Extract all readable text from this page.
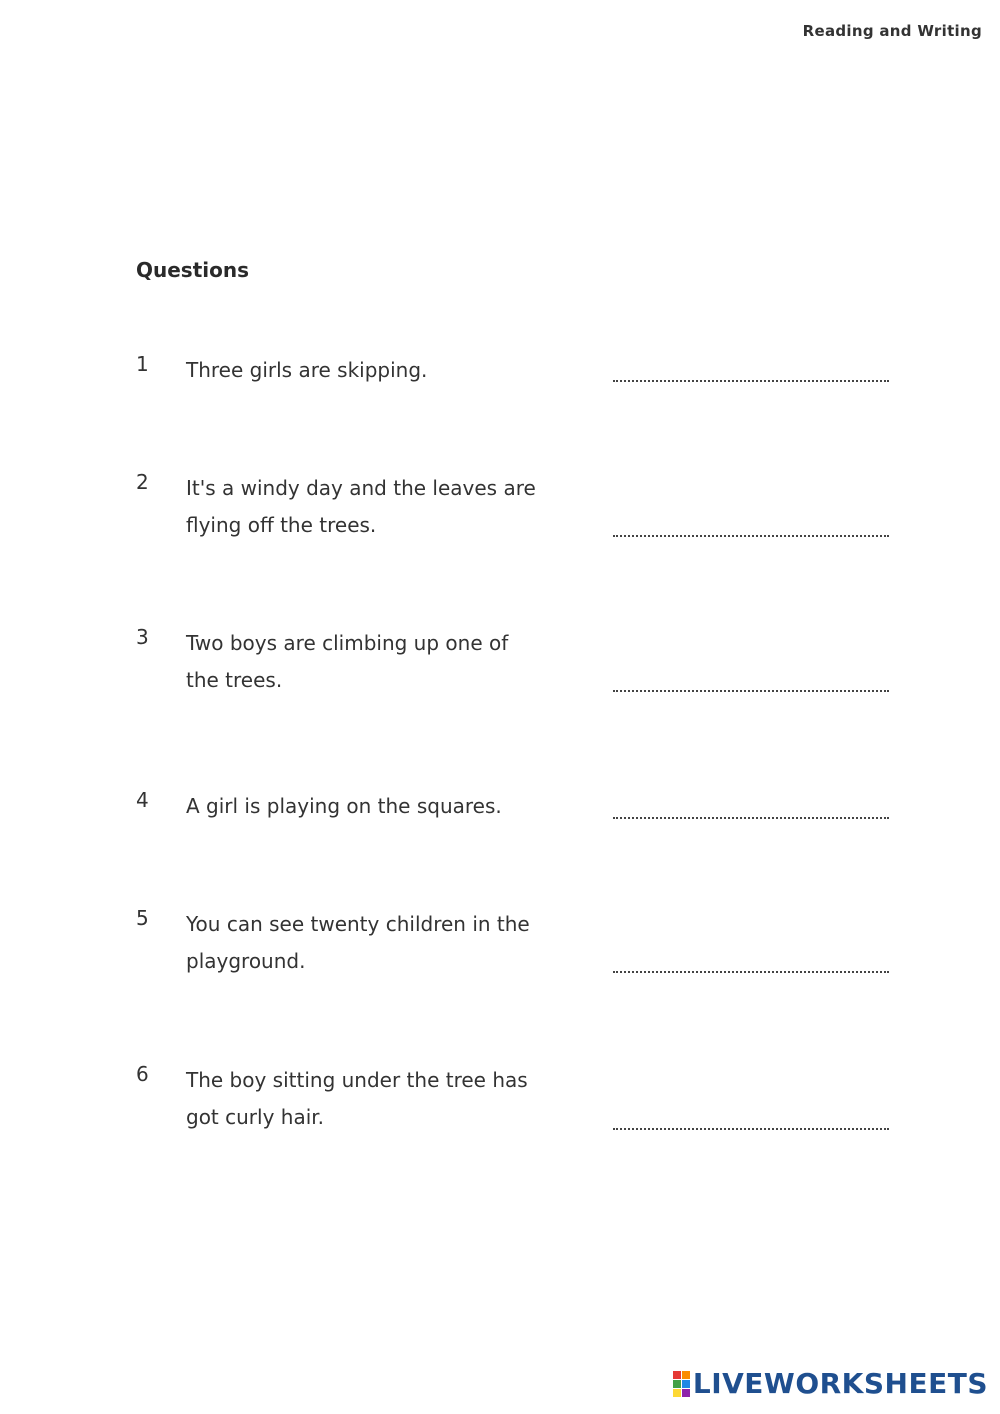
Reading and Writing
Questions
1 Three girls are skipping.
2 It's a windy day and the leaves are
flying off the trees.
3 Two boys are climbing up one of
the trees.
4 A girl is playing on the squares.
5 You can see twenty children in the
playground.
6 The boy sitting under the tree has
got curly hair.
LIVEWORKSHEETS
